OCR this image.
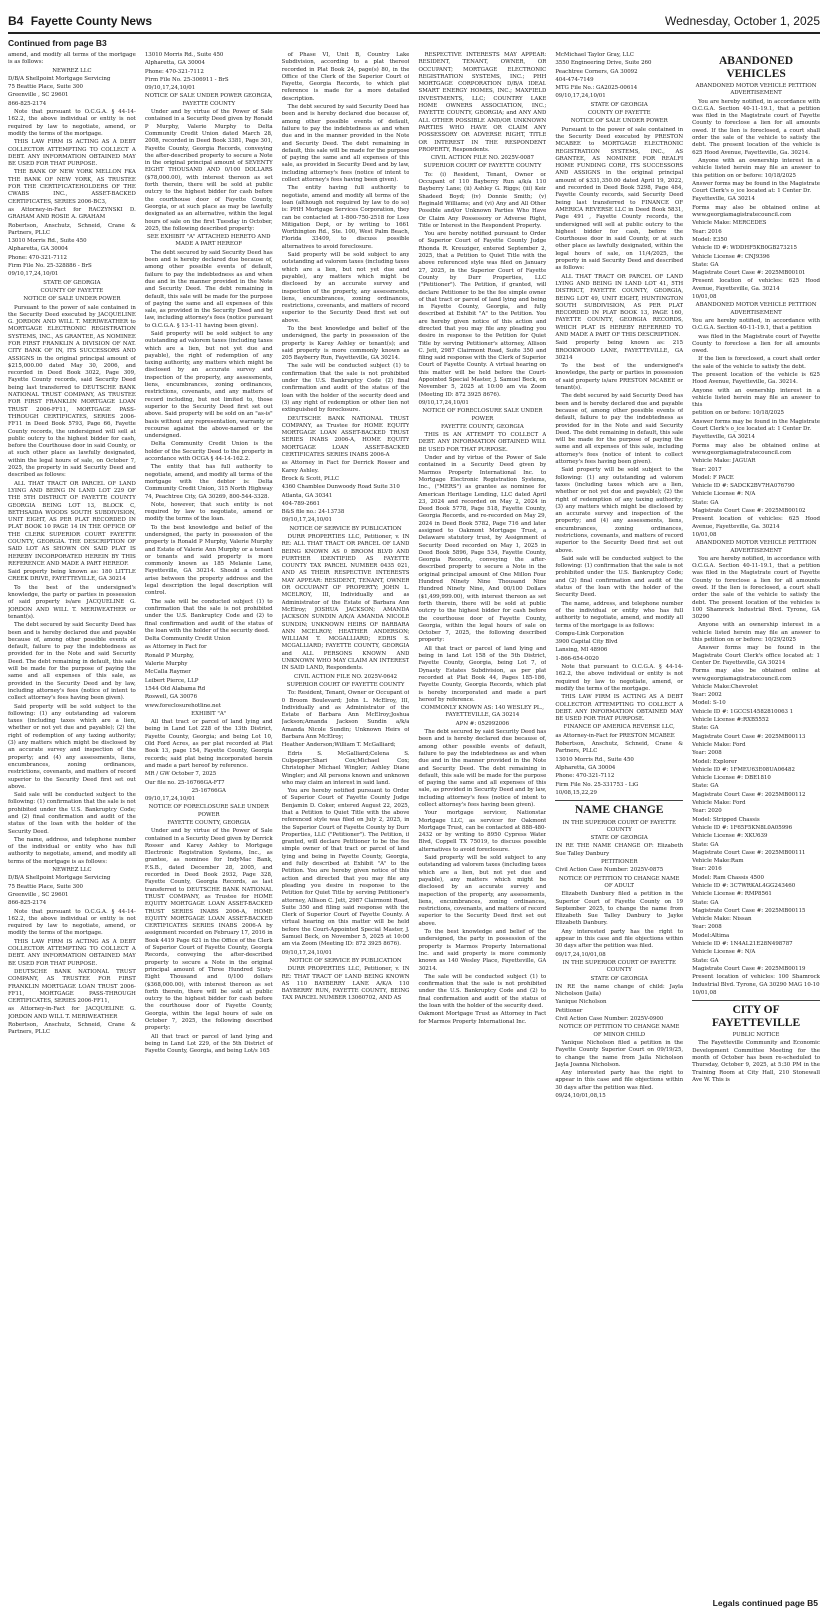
B4 Fayette County News	Wednesday, October 1, 2025
Continued from page B3

amend, and modify all terms of the mortgage is as follows:

NEWREZ LLC

D/B/A Shellpoint Mortgage Servicing

75 Beattie Place, Suite 300

Greenville , SC 29601

866-825-2174

Note that pursuant to O.C.G.A. § 44-14-162.2, the above individual or entity is not required by law to negotiate, amend, or modify the terms of the mortgage.

THIS LAW FIRM IS ACTING AS A DEBT COLLECTOR ATTEMPTING TO COLLECT A DEBT. ANY INFORMATION OBTAINED MAY BE USED FOR THAT PURPOSE.

THE BANK OF NEW YORK MELLON FKA THE BANK OF NEW YORK, AS TRUSTEE FOR THE CERTIFICATEHOLDERS OF THE CWABS INC., ASSET-BACKED CERTIFICATES, SERIES 2006-BC3,

as Attorney-in-Fact for RACZYNSKI D. GRAHAM AND ROSIE A. GRAHAM

Robertson, Anschutz, Schneid, Crane & Partners, PLLC

13010 Morris Rd., Suite 450

Alpharetta, GA 30004

Phone: 470-321-7112

Firm File No. 25-328886 - BrS

09/10,17,24,10/01

STATE OF GEORGIA

COUNTY OF FAYETTE

NOTICE OF SALE UNDER POWER

Pursuant to the power of sale contained in the Security Deed executed by JACQUELINE G. JORDON AND WILL T. MERIWEATHER to MORTGAGE ELECTRONIC REGISTRATION SYSTEMS, INC., AS GRANTEE, AS NOMINEE FOR FIRST FRANKLIN A DIVISION OF NAT. CITY BANK OF IN, ITS SUCCESSORS AND ASSIGNS in the original principal amount of $215,000.00 dated May 30, 2006, and recorded in Deed Book 3022, Page 309, Fayette County records, said Security Deed being last transferred to DEUTSCHE BANK NATIONAL TRUST COMPANY, AS TRUSTEE FOR FIRST FRANKLIN MORTGAGE LOAN TRUST 2006-FF11, MORTGAGE PASS-THROUGH CERTIFICATES, SERIES 2006-FF11 in Deed Book 5793, Page 66, Fayette County records, the undersigned will sell at public outcry to the highest bidder for cash, before the Courthouse door in said County, or at such other place as lawfully designated, within the legal hours of sale, on October 7, 2025, the property in said Security Deed and described as follows:

ALL THAT TRACT OR PARCEL OF LAND LYING AND BEING IN LAND LOT 229 OF THE 5TH DISTRICT OF FAYETTE COUNTY GEORGIA BEING LOT 13, BLOCK C, BETHSAIDA WOODS SOUTH SUBDIVISION, UNIT EIGHT, AS PER PLAT RECORDED IN PLAT BOOK 10 PAGE 14 IN THE OFFICE OF THE CLERK SUPERIOR COURT FAYETTE COUNTY, GEORGIA. THE DESCRIPTION OF SAID LOT AS SHOWN ON SAID PLAT IS HEREBY INCORPORATED HEREIN BY THIS REFERENCE AND MADE A PART HEREOF.

Said property being known as: 180 LITTLE CREEK DRIVE, FAYETTEVILLE, GA 30214

To the best of the undersigned's knowledge, the party or parties in possession of said property is/are JACQUELINE G. JORDON AND WILL T. MERIWEATHER or tenant(s).

The debt secured by said Security Deed has been and is hereby declared due and payable because of, among other possible events of default, failure to pay the indebtedness as provided for in the Note and said Security Deed. The debt remaining in default, this sale will be made for the purpose of paying the same and all expenses of this sale, as provided in the Security Deed and by law, including attorney's fees (notice of intent to collect attorney's fees having been given).

Said property will be sold subject to the following: (1) any outstanding ad valorem taxes (including taxes which are a lien, whether or not yet due and payable); (2) the right of redemption of any taxing authority; (3) any matters which might be disclosed by an accurate survey and inspection of the property; and (4) any assessments, liens, encumbrances, zoning ordinances, restrictions, covenants, and matters of record superior to the Security Deed first set out above.

Said sale will be conducted subject to the following: (1) confirmation that the sale is not prohibited under the U.S. Bankruptcy Code; and (2) final confirmation and audit of the status of the loan with the holder of the Security Deed.

The name, address, and telephone number of the individual or entity who has full authority to negotiate, amend, and modify all terms of the mortgage is as follows:

NEWREZ LLC

D/B/A Shellpoint Mortgage Servicing

75 Beattie Place, Suite 300

Greenville , SC 29601

866-825-2174

Note that pursuant to O.C.G.A. § 44-14-162.2, the above individual or entity is not required by law to negotiate, amend, or modify the terms of the mortgage.

THIS LAW FIRM IS ACTING AS A DEBT COLLECTOR ATTEMPTING TO COLLECT A DEBT. ANY INFORMATION OBTAINED MAY BE USED FOR THAT PURPOSE.

DEUTSCHE BANK NATIONAL TRUST COMPANY, AS TRUSTEE FOR FIRST FRANKLIN MORTGAGE LOAN TRUST 2006-FF11, MORTGAGE PASS-THROUGH CERTIFICATES, SERIES 2006-FF11,

as Attorney-in-Fact for JACQUELINE G. JORDON AND WILL T. MERIWEATHER

Robertson, Anschutz, Schneid, Crane & Partners, PLLC

13010 Morris Rd., Suite 450

Alpharetta, GA 30004

Phone: 470-321-7112

Firm File No. 25-306911 - BrS

09/10,17,24,10/01

NOTICE OF SALE UNDER POWER GEORGIA, FAYETTE COUNTY

Under and by virtue of the Power of Sale contained in a Security Deed given by Ronald P Murphy, Valerie Murphy to Delta Community Credit Union dated March 28, 2008, recorded in Deed Book 3381, Page 301, Fayette County, Georgia Records, conveying the after-described property to secure a Note in the original principal amount of SEVENTY EIGHT THOUSAND AND 0/100 DOLLARS ($78,000.00), with interest thereon as set forth therein, there will be sold at public outcry to the highest bidder for cash before the courthouse door of Fayette County, Georgia, or at such place as may be lawfully designated as an alternative, within the legal hours of sale on the first Tuesday in October, 2025, the following described property:

SEE EXHIBIT "A" ATTACHED HERETO AND MADE A PART HEREOF

The debt secured by said Security Deed has been and is hereby declared due because of, among other possible events of default, failure to pay the indebtedness as and when due and in the manner provided in the Note and Security Deed. The debt remaining in default, this sale will be made for the purpose of paying the same and all expenses of this sale, as provided in the Security Deed and by law, including attorney's fees (notice pursuant to O.C.G.A. § 13-1-11 having been given).

Said property will be sold subject to any outstanding ad valorem taxes (including taxes which are a lien, but not yet due and payable), the right of redemption of any taxing authority, any matters which might be disclosed by an accurate survey and inspection of the property, any assessments, liens, encumbrances, zoning ordinances, restrictions, covenants, and any matters of record including, but not limited to, those superior to the Security Deed first set out above. Said property will be sold on an "as-is" basis without any representation, warranty or recourse against the above-named or the undersigned.

Delta Community Credit Union is the holder of the Security Deed to the property in accordance with OCGA § 44-14-162.2.

The entity that has full authority to negotiate, amend, and modify all terms of the mortgage with the debtor is: Delta Community Credit Union, 315 North Highway 74, Peachtree City, GA 30269, 800-544-3328.

Note, however, that such entity is not required by law to negotiate, amend or modify the terms of the loan.

To the best knowledge and belief of the undersigned, the party in possession of the property is Ronald P Murphy, Valerie Murphy and Estate of Valerie Ann Murphy or a tenant or tenants and said property is more commonly known as 185 Melanie Lane, Fayetteville, GA 30214. Should a conflict arise between the property address and the legal description the legal description will control.

The sale will be conducted subject (1) to confirmation that the sale is not prohibited under the U.S. Bankruptcy Code and (2) to final confirmation and audit of the status of the loan with the holder of the security deed.

Delta Community Credit Union

as Attorney in Fact for

Ronald P Murphy,

Valerie Murphy

McCalla Raymer

Leibert Pierce, LLP

1544 Old Alabama Rd

Roswell, GA 30076

www.foreclosurehotline.net

EXHIBIT "A"

All that tract or parcel of land lying and being in Land Lot 228 of the 13th District, Fayette County, Georgia; and being Lot 10, Old Ford Acres, as per plat recorded at Plat Book 13, page 154, Fayette County, Georgia records; said plat being incorporated herein and made a part hereof by reference.

MR / GW October 7, 2025

Our file no. 25-16766GA-FT7

25-16766GA

09/10,17,24,10/01

NOTICE OF FORECLOSURE SALE UNDER POWER

FAYETTE COUNTY, GEORGIA

Under and by virtue of the Power of Sale contained in a Security Deed given by Derrick Rosser and Karey Ashley to Mortgage Electronic Registration Systems, Inc., as grantee, as nominee for IndyMac Bank, F.S.B., dated December 28, 2005, and recorded in Deed Book 2932, Page 328, Fayette County, Georgia Records, as last transferred to DEUTSCHE BANK NATIONAL TRUST COMPANY, as Trustee for HOME EQUITY MORTGAGE LOAN ASSET-BACKED TRUST SERIES INABS 2006-A, HOME EQUITY MORTGAGE LOAN ASSET-BACKED CERTIFICATES SERIES INABS 2006-A by assignment recorded on February 17, 2016 in Book 4419 Page 621 in the Office of the Clerk of Superior Court of Fayette County, Georgia Records, conveying the after-described property to secure a Note in the original principal amount of Three Hundred Sixty-Eight Thousand and 0/100 dollars ($368,000.00), with interest thereon as set forth therein, there will be sold at public outcry to the highest bidder for cash before the courthouse door of Fayette County, Georgia, within the legal hours of sale on October 7, 2025, the following described property:

All that tract or parcel of land lying and being in Land Lot 229, of the 5th District of Fayette County, Georgia, and being Lot/s 165

of Phase VI, Unit B, Country Lake Subdivision, according to a plat thereof recorded in Plat Book 24, page(s) 80, in the Office of the Clerk of the Superior Court of Fayette, Georgia Records, to which plat reference is made for a more detailed description.

The debt secured by said Security Deed has been and is hereby declared due because of, among other possible events of default, failure to pay the indebtedness as and when due and in the manner provided in the Note and Security Deed. The debt remaining in default, this sale will be made for the purpose of paying the same and all expenses of this sale, as provided in Security Deed and by law, including attorney's fees (notice of intent to collect attorney's fees having been given).

The entity having full authority to negotiate, amend and modify all terms of the loan (although not required by law to do so) is: PHH Mortgage Services Corporation, they can be contacted at 1-800-750-2518 for Loss Mitigation Dept, or by writing to 1661 Worthington Rd., Ste. 100, West Palm Beach, Florida 33409, to discuss possible alternatives to avoid foreclosure.

Said property will be sold subject to any outstanding ad valorem taxes (including taxes which are a lien, but not yet due and payable), any matters which might be disclosed by an accurate survey and inspection of the property, any assessments, liens, encumbrances, zoning ordinances, restrictions, covenants, and matters of record superior to the Security Deed first set out above.

To the best knowledge and belief of the undersigned, the party in possession of the property is Karey Ashley or tenant(s); and said property is more commonly known as 205 Bayberry Run, Fayetteville, GA 30214.

The sale will be conducted subject (1) to confirmation that the sale is not prohibited under the U.S. Bankruptcy Code (2) final confirmation and audit of the status of the loan with the holder of the security deed and (3) any right of redemption or other lien not extinguished by foreclosure.

DEUTSCHE BANK NATIONAL TRUST COMPANY, as Trustee for HOME EQUITY MORTGAGE LOAN ASSET-BACKED TRUST SERIES INABS 2006-A, HOME EQUITY MORTGAGE LOAN ASSET-BACKED CERTIFICATES SERIES INABS 2006-A

as Attorney in Fact for Derrick Rosser and Karey Ashley.

Brock & Scott, PLLC

4360 Chamblee Dunwoody Road Suite 310

Atlanta, GA 30341

404-789-2661

B&S file no.: 24-13738

09/10,17,24,10/01

NOTICE OF SERVICE BY PUBLICATION

DURR PROPERTIES LLC, Petitioner, v. IN RE: ALL THAT TRACT OR PARCEL OF LAND BEING KNOWN AS 0 BROOM BLVD AND FURTHER IDENTIFIED AS FAYETTE COUNTY TAX PARCEL NUMBER 0435 021, AND AS THEIR RESPECTIVE INTERESTS MAY APPEAR: RESIDENT, TENANT, OWNER OR OCCUPANT OF PROPERTY; JOHN L. MCELROY, III, Individually and as Administrator of the Estate of Barbara Ann McElroy; JOSHUA JACKSON; AMANDA JACKSON SUNDIN A/K/A AMANDA NICOLE SUNDIN; UNKNOWN HEIRS OF BARBARA ANN MCELROY; HEATHER ANDERSON; WILLIAM T. MCGALLIARD; EDRIS S. MCGALLIARD; FAYETTE COUNTY, GEORGIA and ALL PERSONS KNOWN AND UNKNOWN WHO MAY CLAIM AN INTEREST IN SAID LAND, Respondents.

CIVIL ACTION FILE NO. 2025V-0642

SUPERIOR COURT OF FAYETTE COUNTY

To: Resident, Tenant, Owner or Occupant of 0 Broom Boulevard; John L. McElroy, III, Individually and as Administrator of the Estate of Barbara Ann McElroy;Joshua Jackson;Amanda Jackson Sundin a/k/a Amanda Nicole Sundin; Unknown Heirs of Barbara Ann McElroy;

Heather Anderson;William T. McGalliard;

Edris S. McGalliard;Celena S. Culpepper;Shari Cox;Michael Cox; Christopher Michael Wingler; Ashley Diane Wingler; and All persons known and unknown who may claim an interest in said land.

You are hereby notified pursuant to Order of Superior Court of Fayette County Judge Benjamin D. Coker, entered August 22, 2025, that a Petition to Quiet Title with the above referenced style was filed on July 2, 2025, in the Superior Court of Fayette County by Durr Properties, LLC ("Petitioner"). The Petition, if granted, will declare Petitioner to be the fee simple owner of that tract or parcel of land lying and being in Fayette County, Georgia, and fully described at Exhibit "A" to the Petition. You are hereby given notice of this action and directed that you may file any pleading you desire in response to the Petition for Quiet Title by serving Petitioner's attorney, Allison C. Jett, 2987 Clairmont Road, Suite 350 and filing said response with the Clerk of Superior Court of Fayette County. A virtual hearing on this matter will be held before the Court-Appointed Special Master, J. Samuel Beck, on November 5, 2025 at 10:00 am via Zoom (Meeting ID: 872 3925 8676).

09/10,17,24,10/01

NOTICE OF SERVICE BY PUBLICATION

DURR PROPERTIES LLC, Petitioner, v. IN RE: THAT TRACT OF LAND BEING KNOWN AS 110 BAYBERRY LANE A/K/A 110 BAYBERRY RUN, FAYETTE COUNTY, BEING TAX PARCEL NUMBER 13060702, AND AS

RESPECTIVE INTERESTS MAY APPEAR: RESIDENT, TENANT, OWNER, OR OCCUPANT; MORTGAGE ELECTRONIC REGISTRATION SYSTEMS, INC.; PHH MORTGAGE CORPORATION D/B/A IDEAL SMART ENERGY HOMES, INC.; MAXFIELD INVESTMENTS, LLC; COUNTRY LAKE HOME OWNERS ASSOCIATION, INC.; FAYETTE COUNTY, GEORGIA; and ANY AND ALL OTHER POSSIBLE AND/OR UNKNOWN PARTIES WHO HAVE OR CLAIM ANY POSSESSORY OR ADVERSE RIGHT, TITLE OR INTEREST IN THE RESPONDENT PROPERTY, Respondents.

CIVIL ACTION FILE NO. 2025V-0087

SUPERIOR COURT OF FAYETTE COUNTY

To: (i) Resident, Tenant, Owner or Occupant of 110 Bayberry Run a/k/a 110 Bayberry Lane; (ii) Ashley G. Riggs; (iii) Keir Shadeed Boyd; (iv) Donnie Smith; (v) Reginald Williams; and (vi) Any and All Other Possible and/or Unknown Parties Who Have Or Claim Any Possessory or Adverse Right, Title or Interest in the Respondent Property.

You are hereby notified pursuant to Order of Superior Court of Fayette County Judge Rhonda R. Kreuziger, entered September 2, 2025, that a Petition to Quiet Title with the above referenced style was filed on January 27, 2025, in the Superior Court of Fayette County by Durr Properties, LLC ("Petitioner"). The Petition, if granted, will declare Petitioner to be the fee simple owner of that tract or parcel of land lying and being in Fayette County, Georgia, and fully described at Exhibit "A" to the Petition. You are hereby given notice of this action and directed that you may file any pleading you desire in response to the Petition for Quiet Title by serving Petitioner's attorney, Allison C. Jett, 2987 Clairmont Road, Suite 350 and filing said response with the Clerk of Superior Court of Fayette County. A virtual hearing on this matter will be held before the Court-Appointed Special Master, J. Samuel Beck, on November 5, 2025 at 10:00 am via Zoom (Meeting ID: 872 3925 8676).

09/10,17,24,10/01

NOTICE OF FORECLOSURE SALE UNDER POWER

FAYETTE COUNTY, GEORGIA

THIS IS AN ATTEMPT TO COLLECT A DEBT. ANY INFORMATION OBTAINED WILL BE USED FOR THAT PURPOSE.

Under and by virtue of the Power of Sale contained in a Security Deed given by Marmos Property International Inc. to Mortgage Electronic Registration Systems, Inc., ("MERS") as grantee as nominee for American Heritage Lending, LLC dated April 23, 2024 and recorded on May 2, 2024 in Deed Book 5778, Page 518, Fayette County, Georgia Records, and re-recorded on May 29, 2024 in Deed Book 5782, Page 716 and later assigned to Oakmont Mortgage Trust, a Delaware statutory trust, by Assignment of Security Deed recorded on May 1, 2025 in Deed Book 5896, Page 534, Fayette County, Georgia Records, conveying the after-described property to secure a Note in the original principal amount of One Millon Four Hundred Ninety Nine Thousand Nine Hundred Ninety Nine, And 00/100 Dollars ($1,499,999.00), with interest thereon as set forth therein, there will be sold at public outcry to the highest bidder for cash before the courthouse door of Fayette County, Georgia, within the legal hours of sale on October 7, 2025, the following described property:

All that tract or parcel of land lying and being in land Lot 158 of the 5th District, Fayette County, Georgia, being Lot 7, of Dynasty Estates Subdivision, as per plat recorded at Plat Book 44, Pages 185-186, Fayette County, Georgia Records, which plat is hereby incorporated and made a part hereof by reference.

COMMONLY KNOWN AS: 140 WESLEY PL., FAYETTEVILLE, GA 30214

APN #: 052992006

The debt secured by said Security Deed has been and is hereby declared due because of, among other possible events of default, failure to pay the indebtedness as and when due and in the manner provided in the Note and Security Deed. The debt remaining in default, this sale will be made for the purpose of paying the same and all expenses of this sale, as provided in Security Deed and by law, including attorney's fees (notice of intent to collect attorney's fees having been given).

Your mortgage servicer, Nationstar Mortgage LLC, as servicer for Oakmont Mortgage Trust, can be contacted at 888-480-2432 or by writing to 8950 Cypress Water Blvd, Coppell TX 75019, to discuss possible alternatives to avoid foreclosure.

Said property will be sold subject to any outstanding ad valorem taxes (including taxes which are a lien, but not yet due and payable), any matters which might be disclosed by an accurate survey and inspection of the property, any assessments, liens, encumbrances, zoning ordinances, restrictions, covenants, and matters of record superior to the Security Deed first set out above.

To the best knowledge and belief of the undersigned, the party in possession of the property is Marmos Property International Inc. and said property is more commonly known as 140 Wesley Place, Fayetteville, GA 30214.

The sale will be conducted subject (1) to confirmation that the sale is not prohibited under the U.S. Bankruptcy Code and (2) to final confirmation and audit of the status of the loan with the holder of the security deed.

Oakmont Mortgage Trust as Attorney in Fact for Marmos Property International Inc.

McMichael Taylor Gray, LLC

3550 Engineering Drive, Suite 260

Peachtree Corners, GA 30092

404-474-7149

MTG File No.: GA2025-00614

09/10,17,24,10/01

STATE OF GEORGIA

COUNTY OF FAYETTE

NOTICE OF SALE UNDER POWER

Pursuant to the power of sale contained in the Security Deed executed by PRESTON MCABEE to MORTGAGE ELECTRONIC REGISTRATION SYSTEMS, INC., AS GRANTEE, AS NOMINEE FOR REALFI HOME FUNDING CORP., ITS SUCCESSORS AND ASSIGNS in the original principal amount of $331,350.00 dated April 19, 2022, and recorded in Deed Book 5298, Page 484, Fayette County records, said Security Deed being last transferred to FINANCE OF AMERICA REVERSE LLC in Deed Book 5831, Page 491 , Fayette County records, the undersigned will sell at public outcry to the highest bidder for cash, before the Courthouse door in said County, or at such other place as lawfully designated, within the legal hours of sale, on 11/4/2025, the property in said Security Deed and described as follows:

ALL THAT TRACT OR PARCEL OF LAND LYING AND BEING IN LAND LOT 41, 5TH DISTRICT, FAYETTE COUNTY, GEORGIA, BEING LOT 49, UNIT EIGHT, HUNTINGTON SOUTH SUBDIVISION, AS PER PLAT RECORDED IN PLAT BOOK 13, PAGE 160, FAYETTE COUNTY, GEORGIA RECORDS, WHICH PLAT IS HEREBY REFERRED TO AND MADE A PART OF THIS DESCRIPTION.

Said property being known as: 215 BROOKWOOD LANE, FAYETTEVILLE, GA 30214

To the best of the undersigned's knowledge, the party or parties in possession of said property is/are PRESTON MCABEE or tenant(s).

The debt secured by said Security Deed has been and is hereby declared due and payable because of, among other possible events of default, failure to pay the indebtedness as provided for in the Note and said Security Deed. The debt remaining in default, this sale will be made for the purpose of paying the same and all expenses of this sale, including attorney's fees (notice of intent to collect attorney's fees having been given).

Said property will be sold subject to the following: (1) any outstanding ad valorem taxes (including taxes which are a lien, whether or not yet due and payable); (2) the right of redemption of any taxing authority; (3) any matters which might be disclosed by an accurate survey and inspection of the property; and (4) any assessments, liens, encumbrances, zoning ordinances, restrictions, covenants, and matters of record superior to the Security Deed first set out above.

Said sale will be conducted subject to the following: (1) confirmation that the sale is not prohibited under the U.S. Bankruptcy Code; and (2) final confirmation and audit of the status of the loan with the holder of the Security Deed.

The name, address, and telephone number of the individual or entity who has full authority to negotiate, amend, and modify all terms of the mortgage is as follows:

Compu-Link Corporation

3900 Capital City Blvd

Lansing, MI 48906

1-866-654-0020

Note that pursuant to O.C.G.A. § 44-14-162.2, the above individual or entity is not required by law to negotiate, amend, or modify the terms of the mortgage.

THIS LAW FIRM IS ACTING AS A DEBT COLLECTOR ATTEMPTING TO COLLECT A DEBT. ANY INFORMATION OBTAINED MAY BE USED FOR THAT PURPOSE.

FINANCE OF AMERICA REVERSE LLC,

as Attorney-in-Fact for PRESTON MCABEE

Robertson, Anschutz, Schneid, Crane & Partners, PLLC

13010 Morris Rd., Suite 450

Alpharetta, GA 30004

Phone: 470-321-7112

Firm File No. 25-331753 - LiG

10/08,15,22,29

NAME CHANGE

IN THE SUPERIOR COURT OF FAYETTE COUNTY

STATE OF GEORGIA

IN RE THE NAME CHANGE OF: Elizabeth Sue Talley Danbury

PETITIONER

Civil Action Case Number: 2025V-0875

NOTICE OF PETITION TO CHANGE NAME OF ADULT

Elizabeth Danbury filed a petition in the Superior Court of Fayette County on 19 September 2025, to change the name from Elizabeth Sue Talley Danbury to Jayke Elizabeth Danbury.

Any interested party has the right to appear in this case and file objections within 30 days after the petition was filed.

09/17,24,10/01,08

IN THE SUPERIOR COURT OF FAYETTE COUNTY

STATE OF GEORGIA

IN RE the name change of child: Jayla Nicholson (Jaila)

Yanique Nicholson

Petitioner

Civil Action Case Number: 2025V-0900

NOTICE OF PETITION TO CHANGE NAME OF MINOR CHILD

Yanique Nicholson filed a petition in the Fayette County Superior Court on 09/19/25, to change the name from Jaila Nicholson Jayla Joanna Nicholson.

Any interested party has the right to appear in this case and file objections within 30 days after the petition was filed.

09/24,10/01,08,15

ABANDONED VEHICLES

ABANDONED MOTOR VEHICLE PETITION ADVERTISEMENT

You are hereby notified, in accordance with O.C.G.A. Section 40-11-19.1, that a petition was filed in the Magistrate court of Fayette County to foreclose a lien for all amounts owed. If the lien is foreclosed, a court shall order the sale of the vehicle to satisfy the debt. The present location of the vehicle is 625 Hood Avenue, Fayetteville, Ga. 30214.

Anyone with an ownership interest in a vehicle listed herein may file an answer to this petition on or before: 10/18/2025

Answer forms may be found in the Magistrate Court Clerk's o_ice located at: 1 Center Dr.

Fayetteville, GA 30214

Forms may also be obtained online at www.georgiamagistratecouncil.com

Vehicle Make: MERCEDES

Year: 2016

Model: E350

Vehicle ID #: WDDHF5KB0GB273215

Vehicle License #: CNJ9396

State: GA

Magistrate Court Case #: 2025MB00101

Present location of vehicles: 625 Hood Avenue, Fayetteville, Ga. 30214

10/01,08

ABANDONED MOTOR VEHICLE PETITION ADVERTISEMENT

You are hereby notified, in accordance with O.C.G.A. Section 40-11-19.1, that a petition

was filed in the Magistrate court of Fayette County to foreclose a lien for all amounts owed.

If the lien is foreclosed, a court shall order the sale of the vehicle to satisfy the debt.

The present location of the vehicle is 625 Hood Avenue, Fayetteville, Ga. 30214.

Anyone with an ownership interest in a vehicle listed herein may file an answer to this

petition on or before: 10/18/2025

Answer forms may be found in the Magistrate Court Clerk's o_ice located at: 1 Center Dr.

Fayetteville, GA 30214

Forms may also be obtained online at www.georgiamagistratecouncil.com

Vehicle Make: JAGUAR

Year: 2017

Model: F PACE

Vehicle ID #: SADCK2BV7HA076790

Vehicle License #: N/A

State: GA

Magistrate Court Case #: 2025MB00102

Present location of vehicles: 625 Hood Avenue, Fayetteville, Ga. 30214

10/01,08

ABANDONED MOTOR VEHICLE PETITION ADVERTISEMENT

You are hereby notified, in accordance with O.C.G.A. Section 40-11-19.1, that a petition was filed in the Magistrate court of Fayette County to foreclose a lien for all amounts owed. If the lien is foreclosed, a court shall order the sale of the vehicle to satisfy the debt. The present location of the vehicles is 100 Shamrock Industrial Blvd. Tyrone, GA 30290

Anyone with an ownership interest in a vehicle listed herein may file an answer to this petition on or before: 10/29/2025

Answer forms may be found in the Magistrate Court Clerk's office located at: 1 Center Dr. Fayetteville, GA 30214

Forms may also be obtained online at www.georgiamagistratecouncil.com

Vehicle Make:Chevrolet

Year: 2002

Model: S-10

Vehicle ID #: 1GCCS14582810063 1

Vehicle License #:RXB5552

State: GA

Magistrate Court Case #: 2025MB00113

Vehicle Make: Ford

Year: 2008

Model: Explorer

Vehicle ID #: 1FMEU63E08UA06482

Vehicle License #: DBE1810

State: GA

Magistrate Court Case #: 2025MB00112

Vehicle Make: Ford

Year: 2020

Model: Stripped Chassis

Vehicle ID #: 1F65F5KN8L0A05996

Vehicle License #: XKU639

State: GA

Magistrate Court Case #: 2025MB00111

Vehicle Make:Ram

Year: 2016

Model: Ram Chassis 4500

Vehicle ID #: 3C7WRKAL4GG243460

Vehicle License #: RMP8561

State: GA

Magistrate Court Case #: 2025MB00115

Vehicle Make: Nissan

Year: 2008

Model:Altima

Vehicle ID #: 1N4AL21E28N498787

Vehicle License #: N/A

State: GA

Magistrate Court Case #: 2025MB00119

Present location of vehicles: 100 Shamrock Industrial Blvd. Tyrone, GA 30290 MAG 10-10

10/01,08

CITY OF FAYETTEVILLE

PUBLIC NOTICE

The Fayetteville Community and Economic Development Committee Meeting for the month of October has been re-scheduled to Thursday, October 9, 2025, at 5:30 PM in the Training Room at City Hall, 210 Stonewall Ave W. This is

Legals continued page B5
